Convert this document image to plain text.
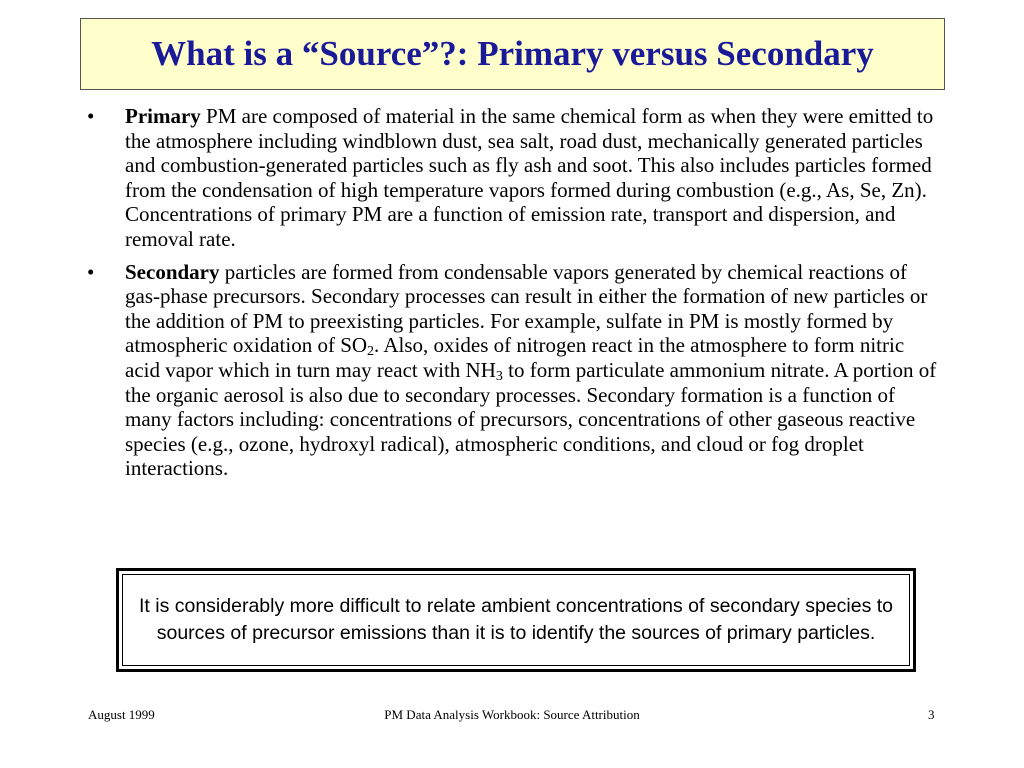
What is a “Source”?: Primary versus Secondary
• Primary PM are composed of material in the same chemical form as when they were emitted to the atmosphere including windblown dust, sea salt, road dust, mechanically generated particles and combustion-generated particles such as fly ash and soot. This also includes particles formed from the condensation of high temperature vapors formed during combustion (e.g., As, Se, Zn). Concentrations of primary PM are a function of emission rate, transport and dispersion, and removal rate.
• Secondary particles are formed from condensable vapors generated by chemical reactions of gas-phase precursors. Secondary processes can result in either the formation of new particles or the addition of PM to preexisting particles. For example, sulfate in PM is mostly formed by atmospheric oxidation of $SO_2$. Also, oxides of nitrogen react in the atmosphere to form nitric acid vapor which in turn may react with $NH_3$ to form particulate ammonium nitrate. A portion of the organic aerosol is also due to secondary processes. Secondary formation is a function of many factors including: concentrations of precursors, concentrations of other gaseous reactive species (e.g., ozone, hydroxyl radical), atmospheric conditions, and cloud or fog droplet interactions.
It is considerably more difficult to relate ambient concentrations of secondary species to sources of precursor emissions than it is to identify the sources of primary particles.
PM Data Analysis Workbook: Source Attribution
August 1999	3
